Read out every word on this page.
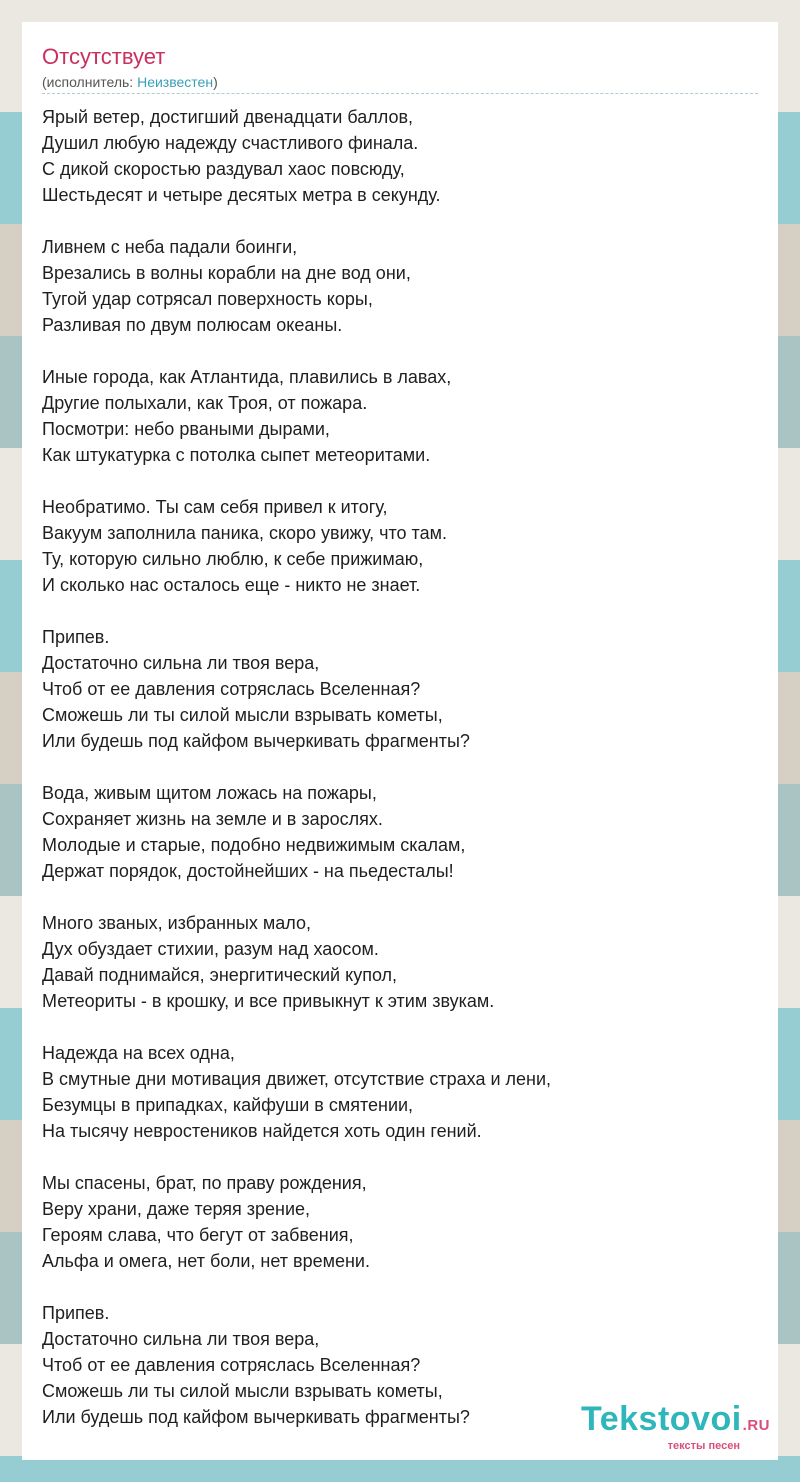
Отсутствует
(исполнитель: Неизвестен)
Ярый ветер, достигший двенадцати баллов,
Душил любую надежду счастливого финала.
С дикой скоростью раздувал хаос повсюду,
Шестьдесят и четыре десятых метра в секунду.
Ливнем с неба падали боинги,
Врезались в волны корабли на дне вод они,
Тугой удар сотрясал поверхность коры,
Разливая по двум полюсам океаны.
Иные города, как Атлантида, плавились в лавах,
Другие полыхали, как Троя, от пожара.
Посмотри: небо рваными дырами,
Как штукатурка с потолка сыпет метеоритами.
Необратимо. Ты сам себя привел к итогу,
Вакуум заполнила паника, скоро увижу, что там.
Ту, которую сильно люблю, к себе прижимаю,
И сколько нас осталось еще - никто не знает.
Припев.
Достаточно сильна ли твоя вера,
Чтоб от ее давления сотряслась Вселенная?
Сможешь ли ты силой мысли взрывать кометы,
Или будешь под кайфом вычеркивать фрагменты?
Вода, живым щитом ложась на пожары,
Сохраняет жизнь на земле и в зарослях.
Молодые и старые, подобно недвижимым скалам,
Держат порядок, достойнейших - на пьедесталы!
Много званых, избранных мало,
Дух обуздает стихии, разум над хаосом.
Давай поднимайся, энергитический купол,
Метеориты - в крошку, и все привыкнут к этим звукам.
Надежда на всех одна,
В смутные дни мотивация движет, отсутствие страха и лени,
Безумцы в припадках, кайфуши в смятении,
На тысячу невростеников найдется хоть один гений.
Мы спасены, брат, по праву рождения,
Веру храни, даже теряя зрение,
Героям слава, что бегут от забвения,
Альфа и омега, нет боли, нет времени.
Припев.
Достаточно сильна ли твоя вера,
Чтоб от ее давления сотряслась Вселенная?
Сможешь ли ты силой мысли взрывать кометы,
Или будешь под кайфом вычеркивать фрагменты?	Tekstovoi.RU
тексты песен
